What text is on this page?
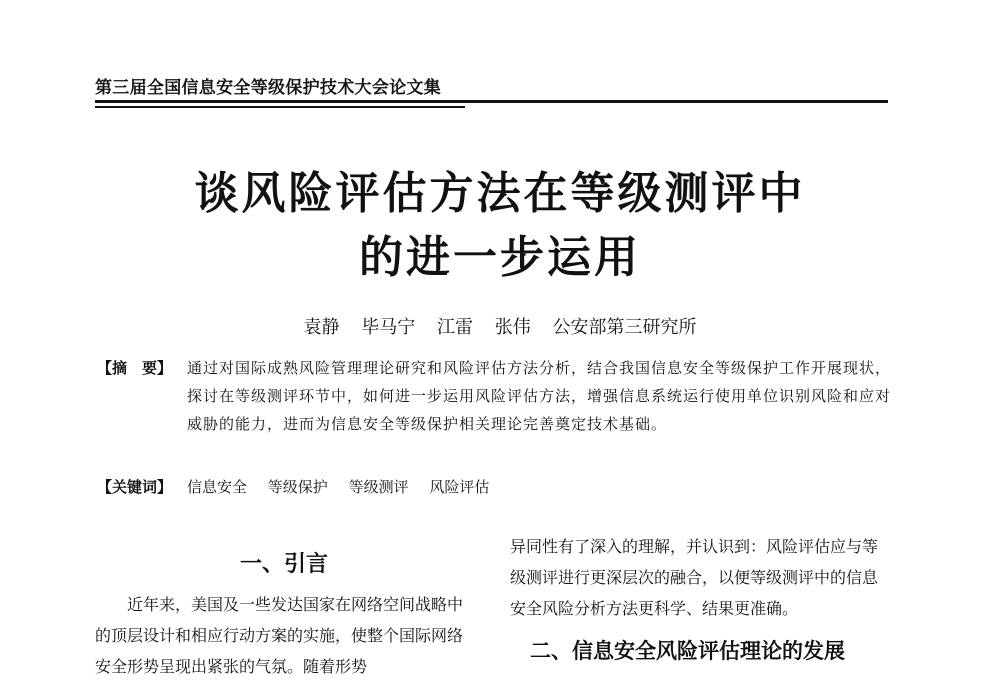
第三届全国信息安全等级保护技术大会论文集
谈风险评估方法在等级测评中
的进一步运用
袁静 毕马宁 江雷 张伟 公安部第三研究所
【摘　要】 通过对国际成熟风险管理理论研究和风险评估方法分析，结合我国信息安全等级保护工作开展现状，探讨在等级测评环节中，如何进一步运用风险评估方法，增强信息系统运行使用单位识别风险和应对威胁的能力，进而为信息安全等级保护相关理论完善奠定技术基础。
【关键词】 信息安全 等级保护 等级测评 风险评估
一、引言

近年来，美国及一些发达国家在网络空间战略中的顶层设计和相应行动方案的实施，使整个国际网络安全形势呈现出紧张的气氛。随着形势

异同性有了深入的理解，并认识到：风险评估应与等级测评进行更深层次的融合，以便等级测评中的信息安全风险分析方法更科学、结果更准确。

二、信息安全风险评估理论的发展
